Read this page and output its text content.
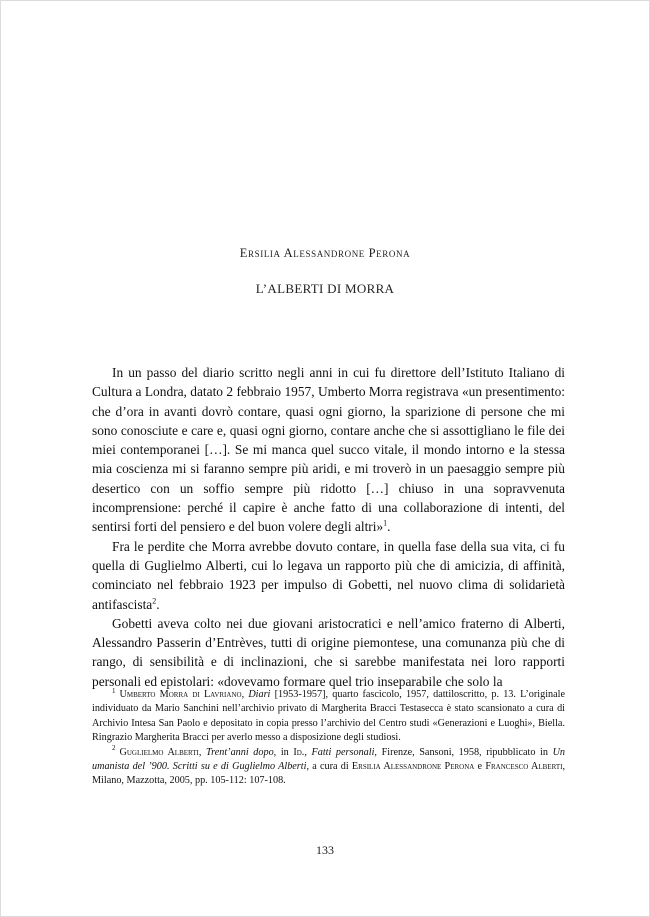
Ersilia Alessandrone Perona
L’ALBERTI DI MORRA

In un passo del diario scritto negli anni in cui fu direttore dell’Istituto Italiano di Cultura a Londra, datato 2 febbraio 1957, Umberto Morra registrava «un presentimento: che d’ora in avanti dovrò contare, quasi ogni giorno, la sparizione di persone che mi sono conosciute e care e, quasi ogni giorno, contare anche che si assottigliano le file dei miei contemporanei […]. Se mi manca quel succo vitale, il mondo intorno e la stessa mia coscienza mi si faranno sempre più aridi, e mi troverò in un paesaggio sempre più desertico con un soffio sempre più ridotto […] chiuso in una sopravvenuta incomprensione: perché il capire è anche fatto di una collaborazione di intenti, del sentirsi forti del pensiero e del buon volere degli altri»$^1$.

Fra le perdite che Morra avrebbe dovuto contare, in quella fase della sua vita, ci fu quella di Guglielmo Alberti, cui lo legava un rapporto più che di amicizia, di affinità, cominciato nel febbraio 1923 per impulso di Gobetti, nel nuovo clima di solidarietà antifascista$^2$.

Gobetti aveva colto nei due giovani aristocratici e nell’amico fraterno di Alberti, Alessandro Passerin d’Entrèves, tutti di origine piemontese, una comunanza più che di rango, di sensibilità e di inclinazioni, che si sarebbe manifestata nei loro rapporti personali ed epistolari: «dovevamo formare quel trio inseparabile che solo la

$^1$ Umberto Morra di Lavriano, Diari [1953-1957], quarto fascicolo, 1957, dattiloscritto, p. 13. L’originale individuato da Mario Sanchini nell’archivio privato di Margherita Bracci Testasecca è stato scansionato a cura di Archivio Intesa San Paolo e depositato in copia presso l’archivio del Centro studi «Generazioni e Luoghi», Biella. Ringrazio Margherita Bracci per averlo messo a disposizione degli studiosi.

$^2$ Guglielmo Alberti, Trent’anni dopo, in Id., Fatti personali, Firenze, Sansoni, 1958, ripubblicato in Un umanista del ’900. Scritti su e di Guglielmo Alberti, a cura di Ersilia Alessandrone Perona e Francesco Alberti, Milano, Mazzotta, 2005, pp. 105-112: 107-108.

133
